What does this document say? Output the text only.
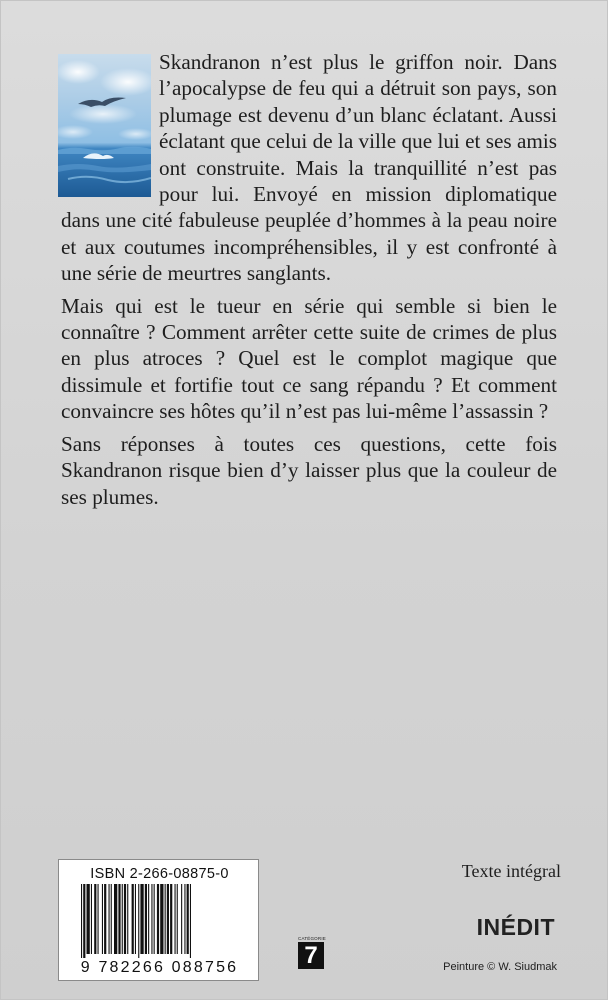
Skandranon n’est plus le griffon noir. Dans l’apocalypse de feu qui a détruit son pays, son plumage est devenu d’un blanc éclatant. Aussi éclatant que celui de la ville que lui et ses amis ont construite. Mais la tranquillité n’est pas pour lui. Envoyé en mission diplomatique dans une cité fabuleuse peuplée d’hommes à la peau noire et aux coutumes incompréhensibles, il y est confronté à une série de meurtres sanglants.

Mais qui est le tueur en série qui semble si bien le connaître ? Comment arrêter cette suite de crimes de plus en plus atroces ? Quel est le complot magique que dissimule et fortifie tout ce sang répandu ? Et comment convaincre ses hôtes qu’il n’est pas lui-même l’assassin ?

Sans réponses à toutes ces questions, cette fois Skandranon risque bien d’y laisser plus que la couleur de ses plumes.

ISBN 2-266-08875-0
9 782266 088756
CATÉGORIE
7
Texte intégral
INÉDIT
Peinture © W. Siudmak
